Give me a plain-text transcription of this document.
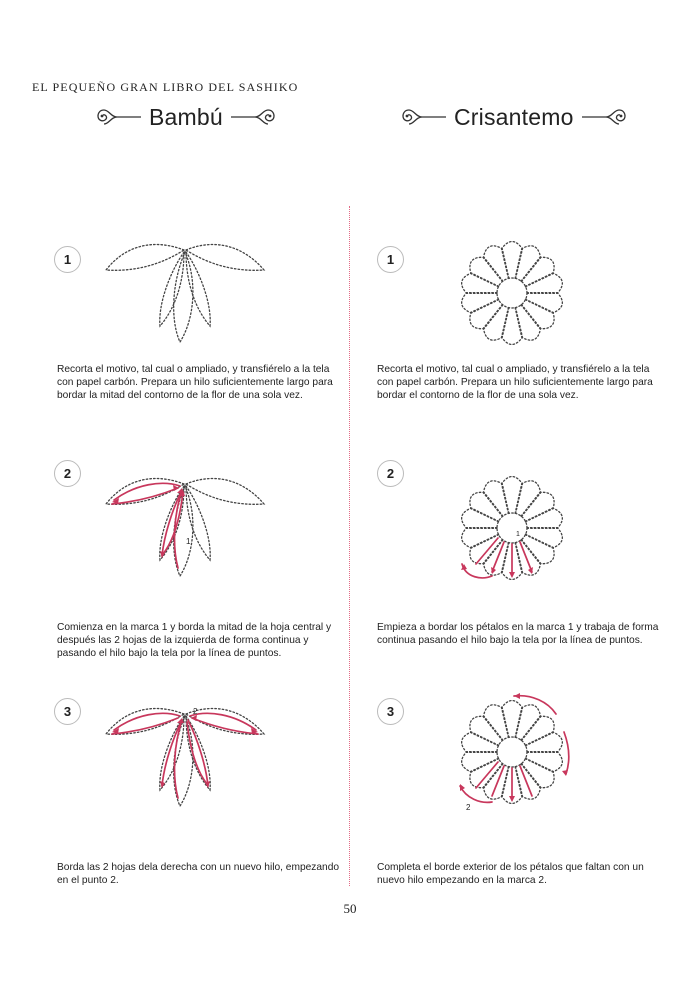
EL PEQUEÑO GRAN LIBRO DEL SASHIKO

Bambú	Crisantemo
1

Recorta el motivo, tal cual o ampliado, y transfiérelo a la tela con papel carbón. Prepara un hilo suficientemente largo para bordar la mitad del contorno de la flor de una sola vez.

2
1

Comienza en la marca 1 y borda la mitad de la hoja central y después las 2 hojas de la izquierda de forma continua y pasando el hilo bajo la tela por la línea de puntos.

3	2

Borda las 2 hojas dela derecha con un nuevo hilo, empezando en el punto 2.

1

Recorta el motivo, tal cual o ampliado, y transfiérelo a la tela con papel carbón. Prepara un hilo suficientemente largo para bordar el contorno de la flor de una sola vez.

2
1

Empieza a bordar los pétalos en la marca 1 y trabaja de forma continua pasando el hilo bajo la tela por la línea de puntos.

3
2

Completa el borde exterior de los pétalos que faltan con un nuevo hilo empezando en la marca 2.

50
